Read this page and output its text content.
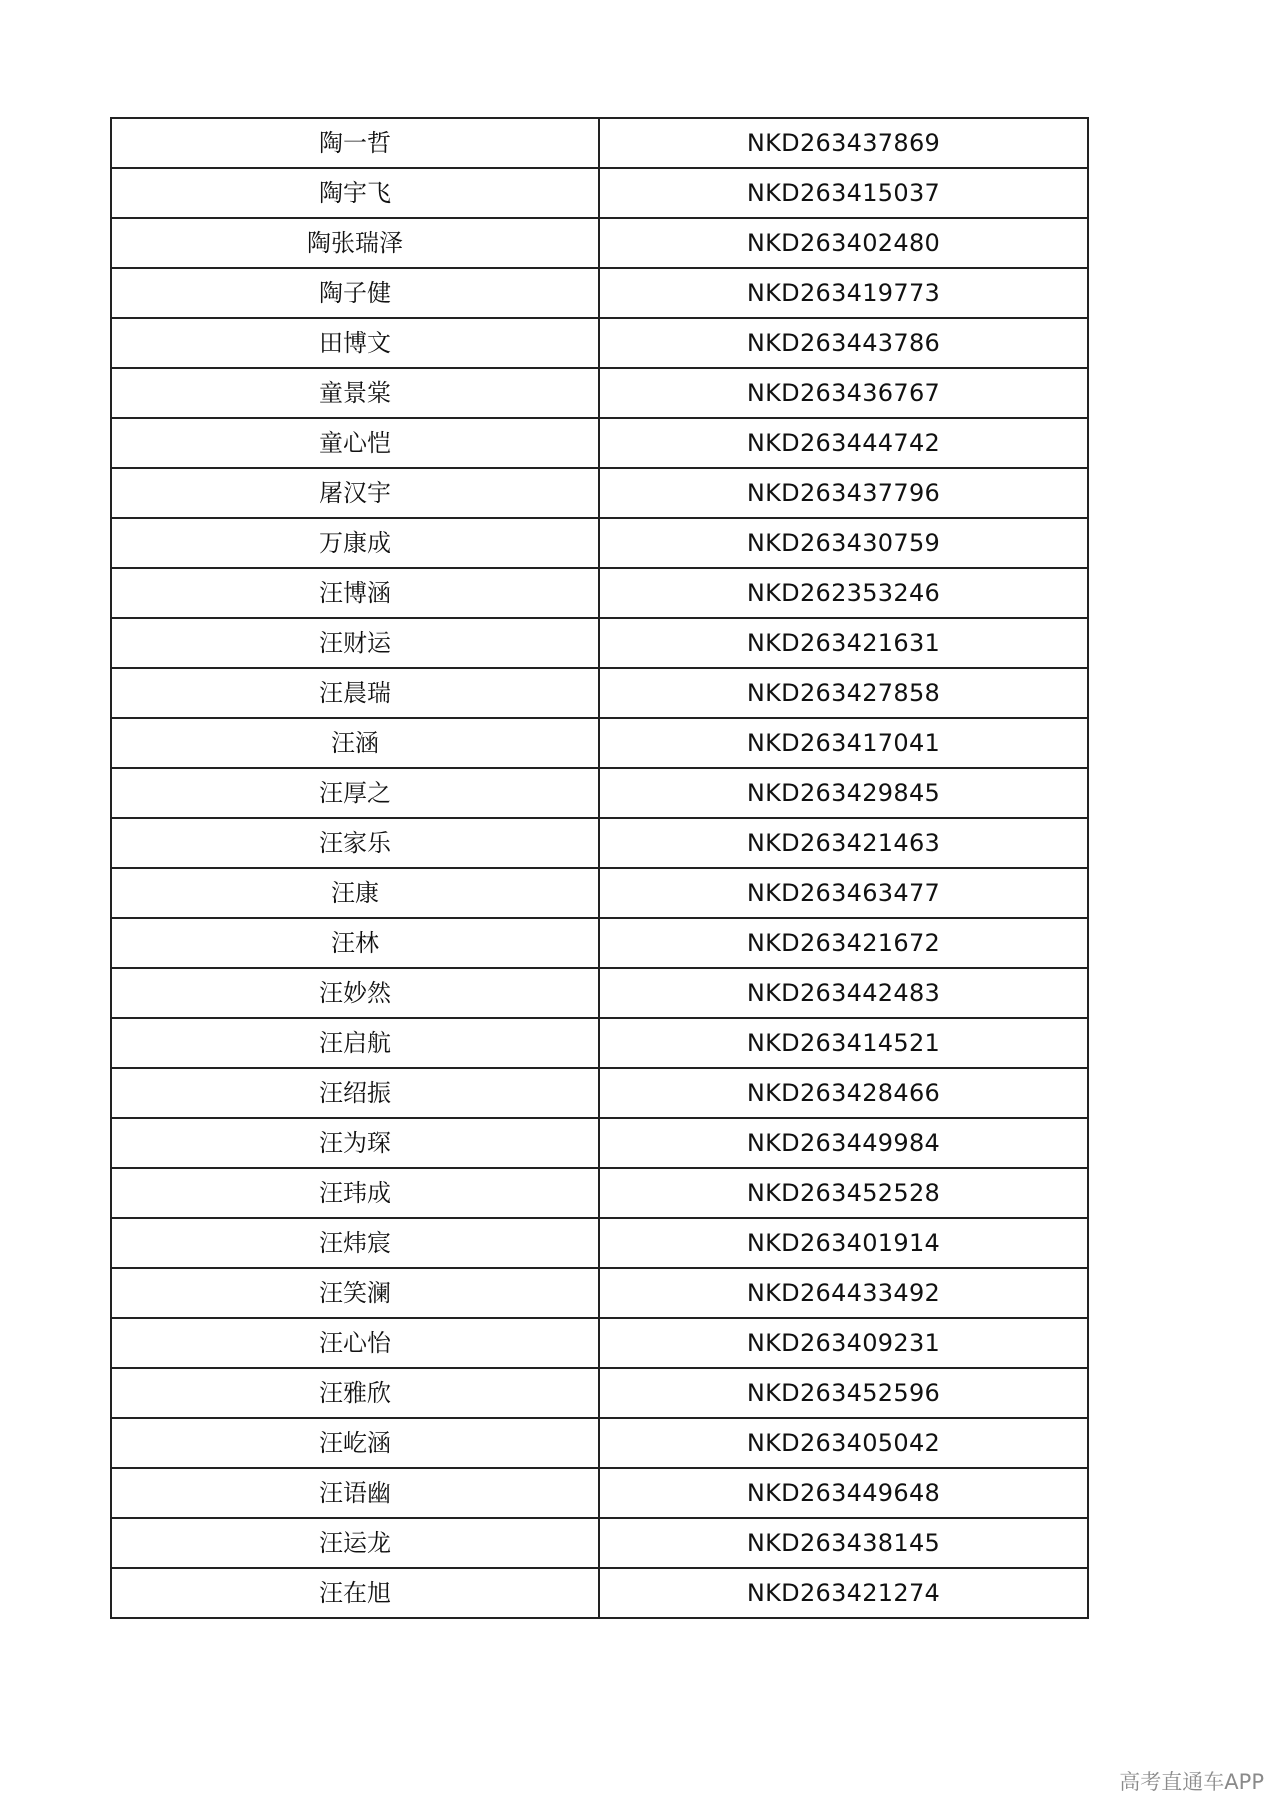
陶一哲	NKD263437869
陶宇飞	NKD263415037
陶张瑞泽	NKD263402480
陶子健	NKD263419773
田博文	NKD263443786
童景棠	NKD263436767
童心恺	NKD263444742
屠汉宇	NKD263437796
万康成	NKD263430759
汪博涵	NKD262353246
汪财运	NKD263421631
汪晨瑞	NKD263427858
汪涵	NKD263417041
汪厚之	NKD263429845
汪家乐	NKD263421463
汪康	NKD263463477
汪林	NKD263421672
汪妙然	NKD263442483
汪启航	NKD263414521
汪绍振	NKD263428466
汪为琛	NKD263449984
汪玮成	NKD263452528
汪炜宸	NKD263401914
汪笑澜	NKD264433492
汪心怡	NKD263409231
汪雅欣	NKD263452596
汪屹涵	NKD263405042
汪语幽	NKD263449648
汪运龙	NKD263438145
汪在旭	NKD263421274
高考直通车APP
